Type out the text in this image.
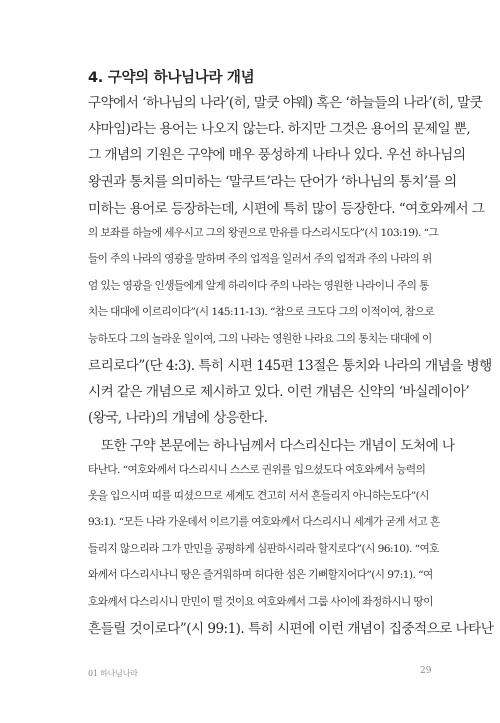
4. 구약의 하나님나라 개념
구약에서 ‘하나님의 나라’(히, 말쿳 야웨) 혹은 ‘하늘들의 나라’(히, 말쿳
샤마임)라는 용어는 나오지 않는다. 하지만 그것은 용어의 문제일 뿐,
그 개념의 기원은 구약에 매우 풍성하게 나타나 있다. 우선 하나님의
왕권과 통치를 의미하는 ‘말쿠트’라는 단어가 ‘하나님의 통치’를 의
미하는 용어로 등장하는데, 시편에 특히 많이 등장한다. “여호와께서 그
의 보좌를 하늘에 세우시고 그의 왕권으로 만유를 다스리시도다”(시 103:19). “그
들이 주의 나라의 영광을 말하며 주의 업적을 일러서 주의 업적과 주의 나라의 위
엄 있는 영광을 인생들에게 알게 하리이다 주의 나라는 영원한 나라이니 주의 통
치는 대대에 이르리이다”(시 145:11-13). “참으로 크도다 그의 이적이여, 참으로
능하도다 그의 놀라운 일이여, 그의 나라는 영원한 나라요 그의 통치는 대대에 이
르리로다”(단 4:3). 특히 시편 145편 13절은 통치와 나라의 개념을 병행
시켜 같은 개념으로 제시하고 있다. 이런 개념은 신약의 ‘바실레이아’
(왕국, 나라)의 개념에 상응한다.
또한 구약 본문에는 하나님께서 다스리신다는 개념이 도처에 나
타난다. “여호와께서 다스리시니 스스로 권위를 입으셨도다 여호와께서 능력의
옷을 입으시며 띠를 띠셨으므로 세계도 견고히 서서 흔들리지 아니하는도다”(시
93:1). “모든 나라 가운데서 이르기를 여호와께서 다스리시니 세계가 굳게 서고 흔
들리지 않으리라 그가 만민을 공평하게 심판하시리라 할지로다”(시 96:10). “여호
와께서 다스리시나니 땅은 즐거워하며 허다한 섬은 기뻐할지어다”(시 97:1). “여
호와께서 다스리시니 만민이 떨 것이요 여호와께서 그룹 사이에 좌정하시니 땅이
흔들릴 것이로다”(시 99:1). 특히 시편에 이런 개념이 집중적으로 나타난
01 하나님나라	29
